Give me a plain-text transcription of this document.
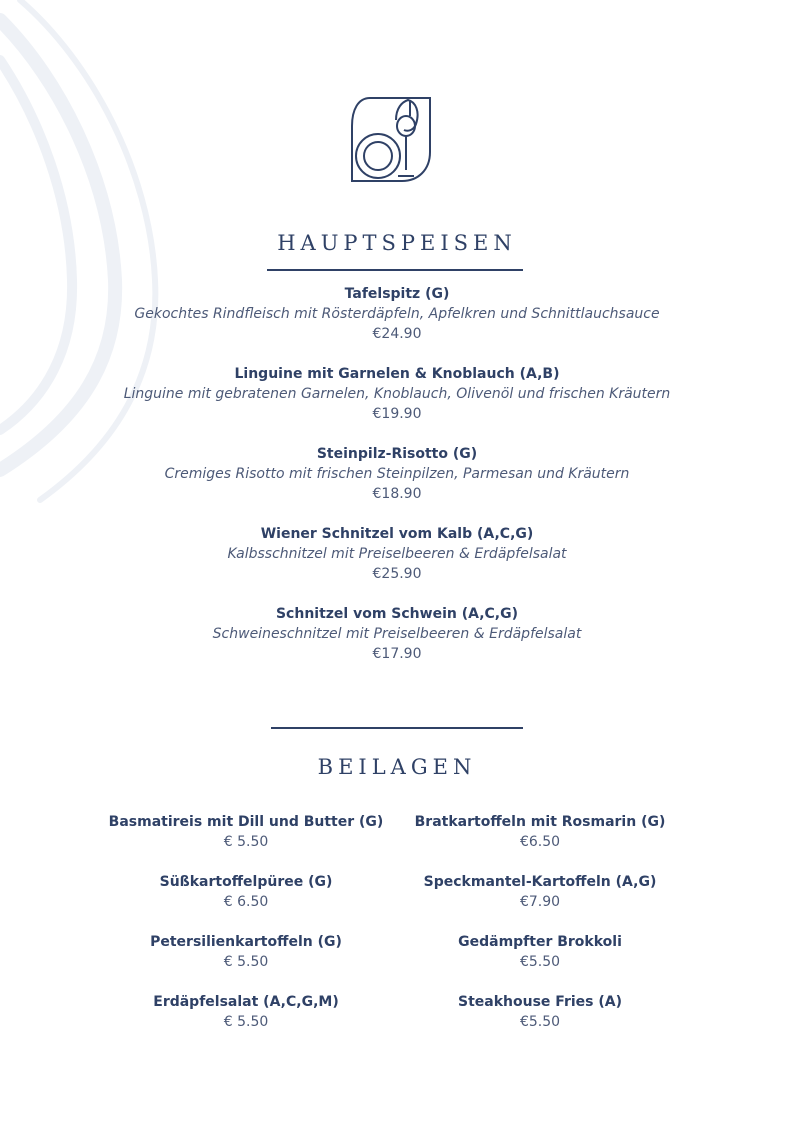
HAUPTSPEISEN
Tafelspitz (G)
Gekochtes Rindfleisch mit Rösterdäpfeln, Apfelkren und Schnittlauchsauce
€24.90
Linguine mit Garnelen & Knoblauch (A,B)
Linguine mit gebratenen Garnelen, Knoblauch, Olivenöl und frischen Kräutern
€19.90
Steinpilz-Risotto (G)
Cremiges Risotto mit frischen Steinpilzen, Parmesan und Kräutern
€18.90
Wiener Schnitzel vom Kalb (A,C,G)
Kalbsschnitzel mit Preiselbeeren & Erdäpfelsalat
€25.90
Schnitzel vom Schwein (A,C,G)
Schweineschnitzel mit Preiselbeeren & Erdäpfelsalat
€17.90
BEILAGEN
Basmatireis mit Dill und Butter (G)
€ 5.50
Süßkartoffelpüree (G)
€ 6.50
Petersilienkartoffeln (G)
€ 5.50
Erdäpfelsalat (A,C,G,M)
€ 5.50
Bratkartoffeln mit Rosmarin (G)
€6.50
Speckmantel-Kartoffeln (A,G)
€7.90
Gedämpfter Brokkoli
€5.50
Steakhouse Fries (A)
€5.50
